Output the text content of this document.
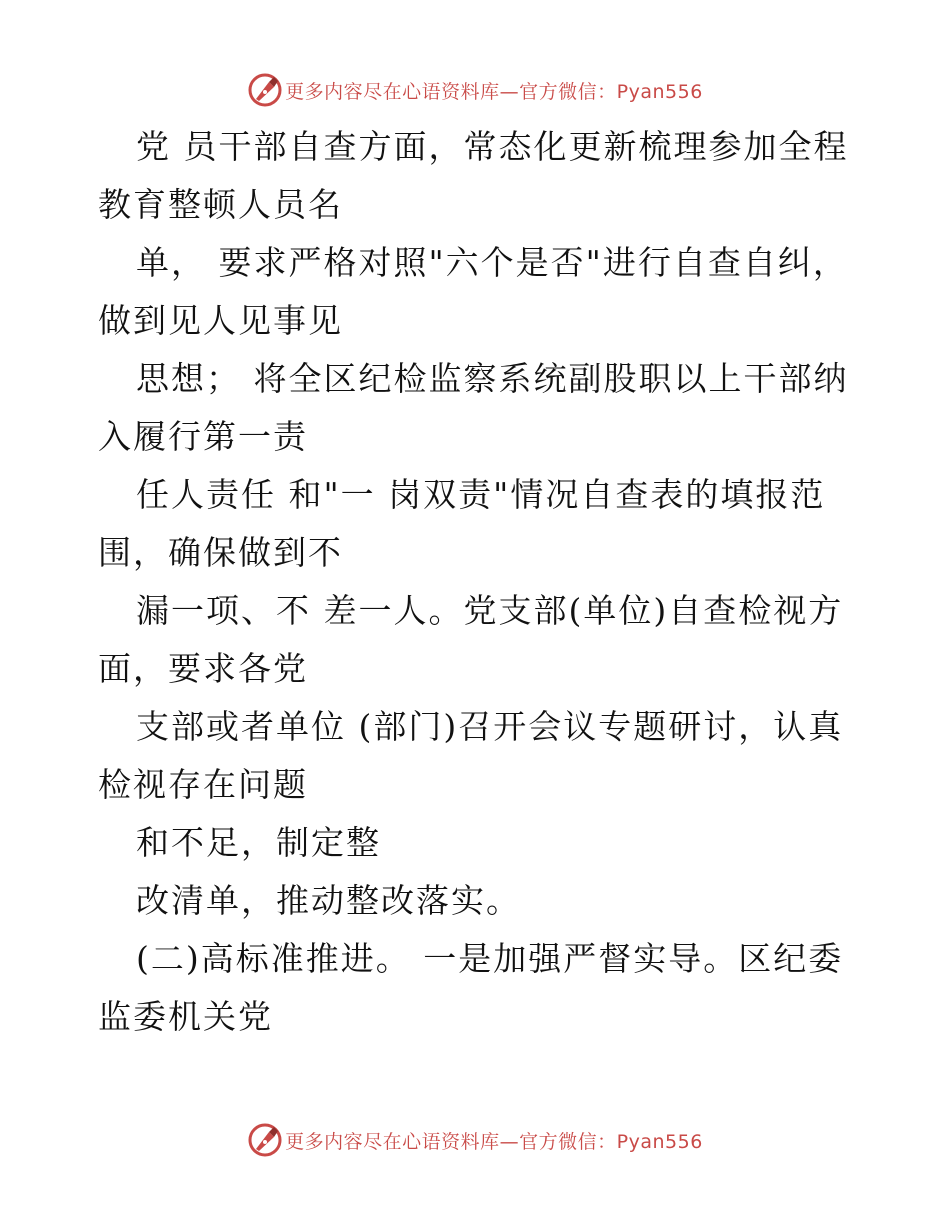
更多内容尽在心语资料库—官方微信：Pyan556
党 员干部自查方面，常态化更新梳理参加全程
教育整顿人员名
单， 要求严格对照"六个是否"进行自查自纠，
做到见人见事见
思想； 将全区纪检监察系统副股职以上干部纳
入履行第一责
任人责任 和"一 岗双责"情况自查表的填报范
围，确保做到不
漏一项、不 差一人。党支部(单位)自查检视方
面，要求各党
支部或者单位 (部门)召开会议专题研讨，认真
检视存在问题
和不足，制定整
改清单，推动整改落实。
(二)高标准推进。 一是加强严督实导。区纪委
监委机关党
更多内容尽在心语资料库—官方微信：Pyan556
